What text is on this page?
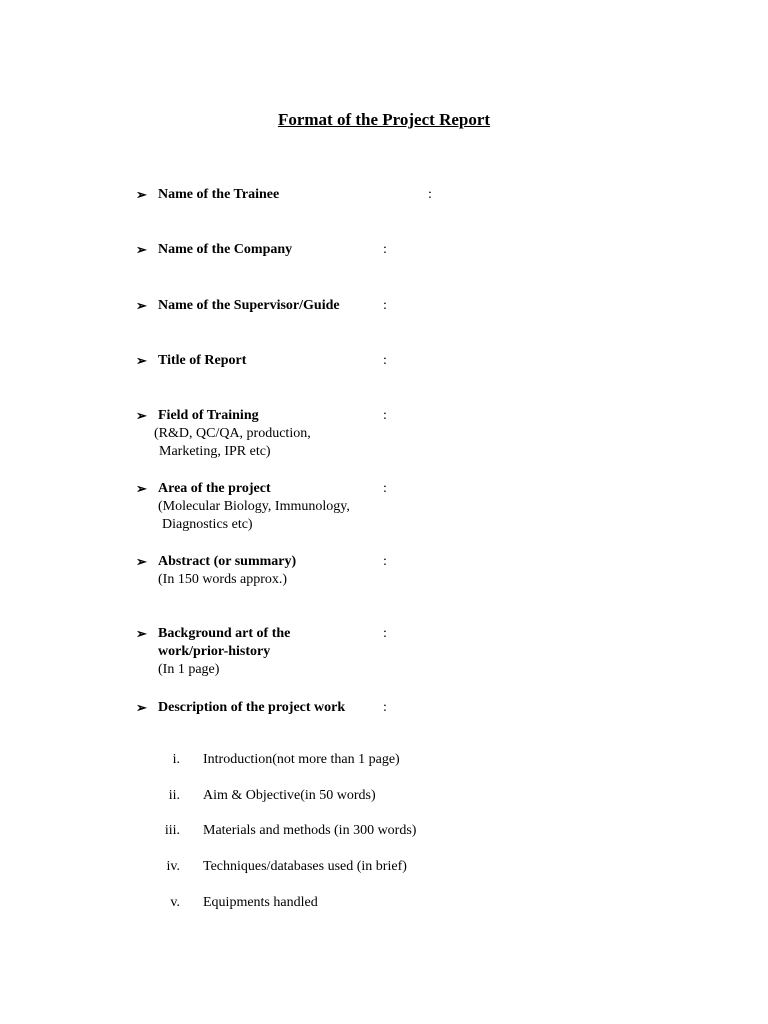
Format of the Project Report
➢ Name of the Trainee	:
➢ Name of the Company	:
➢ Name of the Supervisor/Guide	:
➢ Title of Report	:
➢ Field of Training	:
(R&D, QC/QA, production,
Marketing, IPR etc)
➢ Area of the project	:
(Molecular Biology, Immunology,
Diagnostics etc)
➢ Abstract (or summary)	:
(In 150 words approx.)
➢ Background art of the	:
work/prior-history
(In 1 page)
➢ Description of the project work	:
i. Introduction(not more than 1 page)
ii. Aim & Objective(in 50 words)
iii. Materials and methods (in 300 words)
iv. Techniques/databases used (in brief)
v. Equipments handled
